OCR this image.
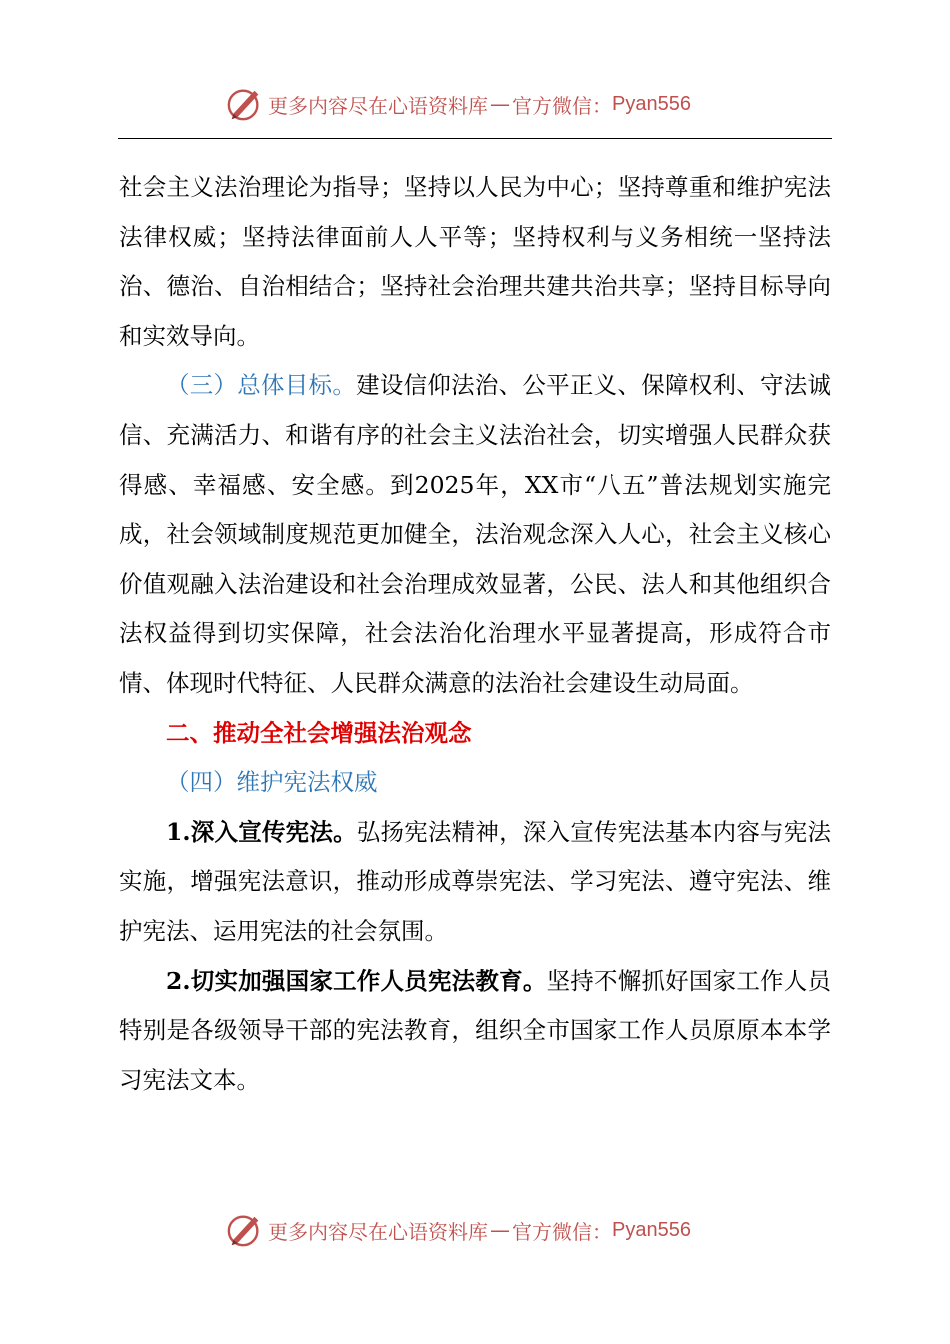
更多内容尽在心语资料库 — 官方微信： Pyan556

社会主义法治理论为指导；坚持以人民为中心；坚持尊重和维护宪法法律权威；坚持法律面前人人平等；坚持权利与义务相统一坚持法治、德治、自治相结合；坚持社会治理共建共治共享；坚持目标导向和实效导向。

（三）总体目标。建设信仰法治、公平正义、保障权利、守法诚信、充满活力、和谐有序的社会主义法治社会，切实增强人民群众获得感、幸福感、安全感。到2025年，XX市“八五”普法规划实施完成，社会领域制度规范更加健全，法治观念深入人心，社会主义核心价值观融入法治建设和社会治理成效显著，公民、法人和其他组织合法权益得到切实保障，社会法治化治理水平显著提高，形成符合市情、体现时代特征、人民群众满意的法治社会建设生动局面。

二、推动全社会增强法治观念

（四）维护宪法权威

1.深入宣传宪法。弘扬宪法精神，深入宣传宪法基本内容与宪法实施，增强宪法意识，推动形成尊崇宪法、学习宪法、遵守宪法、维护宪法、运用宪法的社会氛围。

2.切实加强国家工作人员宪法教育。坚持不懈抓好国家工作人员特别是各级领导干部的宪法教育，组织全市国家工作人员原原本本学习宪法文本。

更多内容尽在心语资料库 — 官方微信： Pyan556
